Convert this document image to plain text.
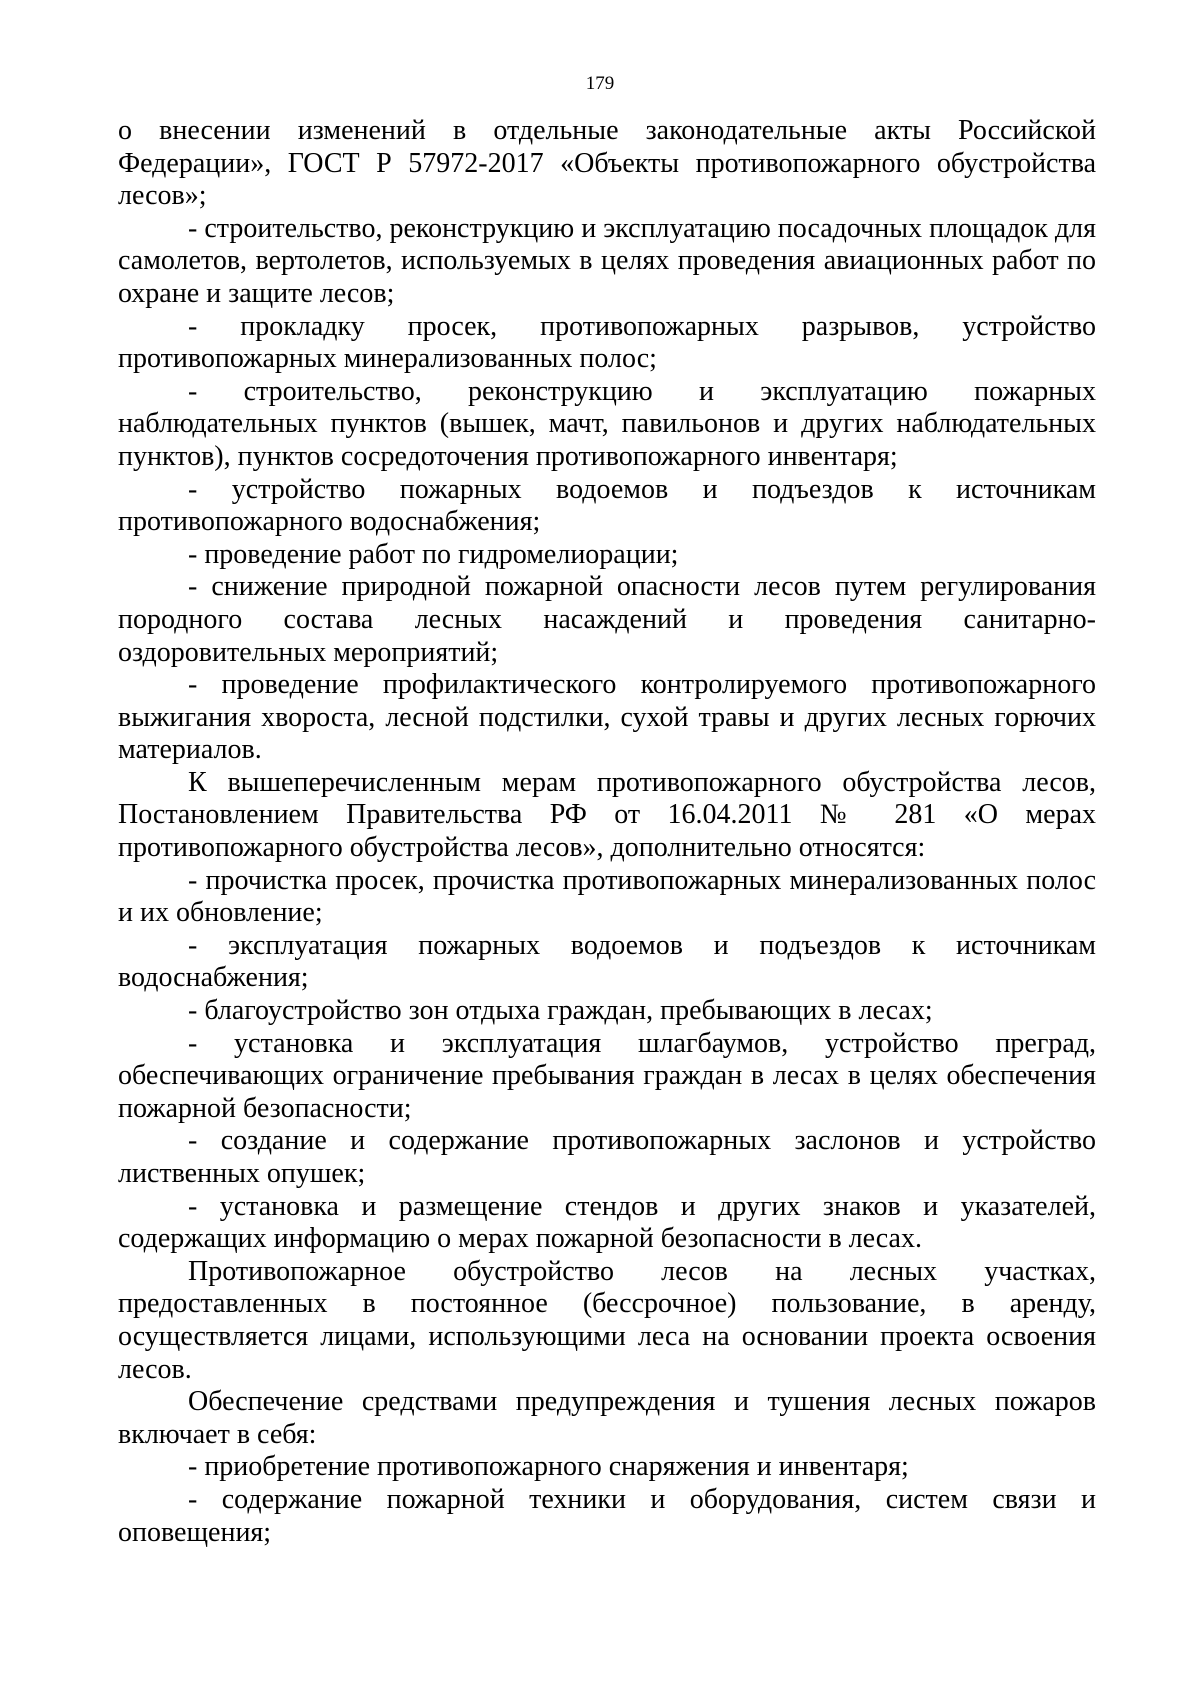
179

о внесении изменений в отдельные законодательные акты Российской Федерации», ГОСТ Р 57972-2017 «Объекты противопожарного обустройства лесов»;

- строительство, реконструкцию и эксплуатацию посадочных площадок для самолетов, вертолетов, используемых в целях проведения авиационных работ по охране и защите лесов;

- прокладку просек, противопожарных разрывов, устройство противопожарных минерализованных полос;

- строительство, реконструкцию и эксплуатацию пожарных наблюдательных пунктов (вышек, мачт, павильонов и других наблюдательных пунктов), пунктов сосредоточения противопожарного инвентаря;

- устройство пожарных водоемов и подъездов к источникам противопожарного водоснабжения;

- проведение работ по гидромелиорации;

- снижение природной пожарной опасности лесов путем регулирования породного состава лесных насаждений и проведения санитарно-оздоровительных мероприятий;

- проведение профилактического контролируемого противопожарного выжигания хвороста, лесной подстилки, сухой травы и других лесных горючих материалов.

К вышеперечисленным мерам противопожарного обустройства лесов, Постановлением Правительства РФ от 16.04.2011 № 281 «О мерах противопожарного обустройства лесов», дополнительно относятся:

- прочистка просек, прочистка противопожарных минерализованных полос и их обновление;

- эксплуатация пожарных водоемов и подъездов к источникам водоснабжения;

- благоустройство зон отдыха граждан, пребывающих в лесах;

- установка и эксплуатация шлагбаумов, устройство преград, обеспечивающих ограничение пребывания граждан в лесах в целях обеспечения пожарной безопасности;

- создание и содержание противопожарных заслонов и устройство лиственных опушек;

- установка и размещение стендов и других знаков и указателей, содержащих информацию о мерах пожарной безопасности в лесах.

Противопожарное обустройство лесов на лесных участках, предоставленных в постоянное (бессрочное) пользование, в аренду, осуществляется лицами, использующими леса на основании проекта освоения лесов.

Обеспечение средствами предупреждения и тушения лесных пожаров включает в себя:

- приобретение противопожарного снаряжения и инвентаря;

- содержание пожарной техники и оборудования, систем связи и оповещения;
